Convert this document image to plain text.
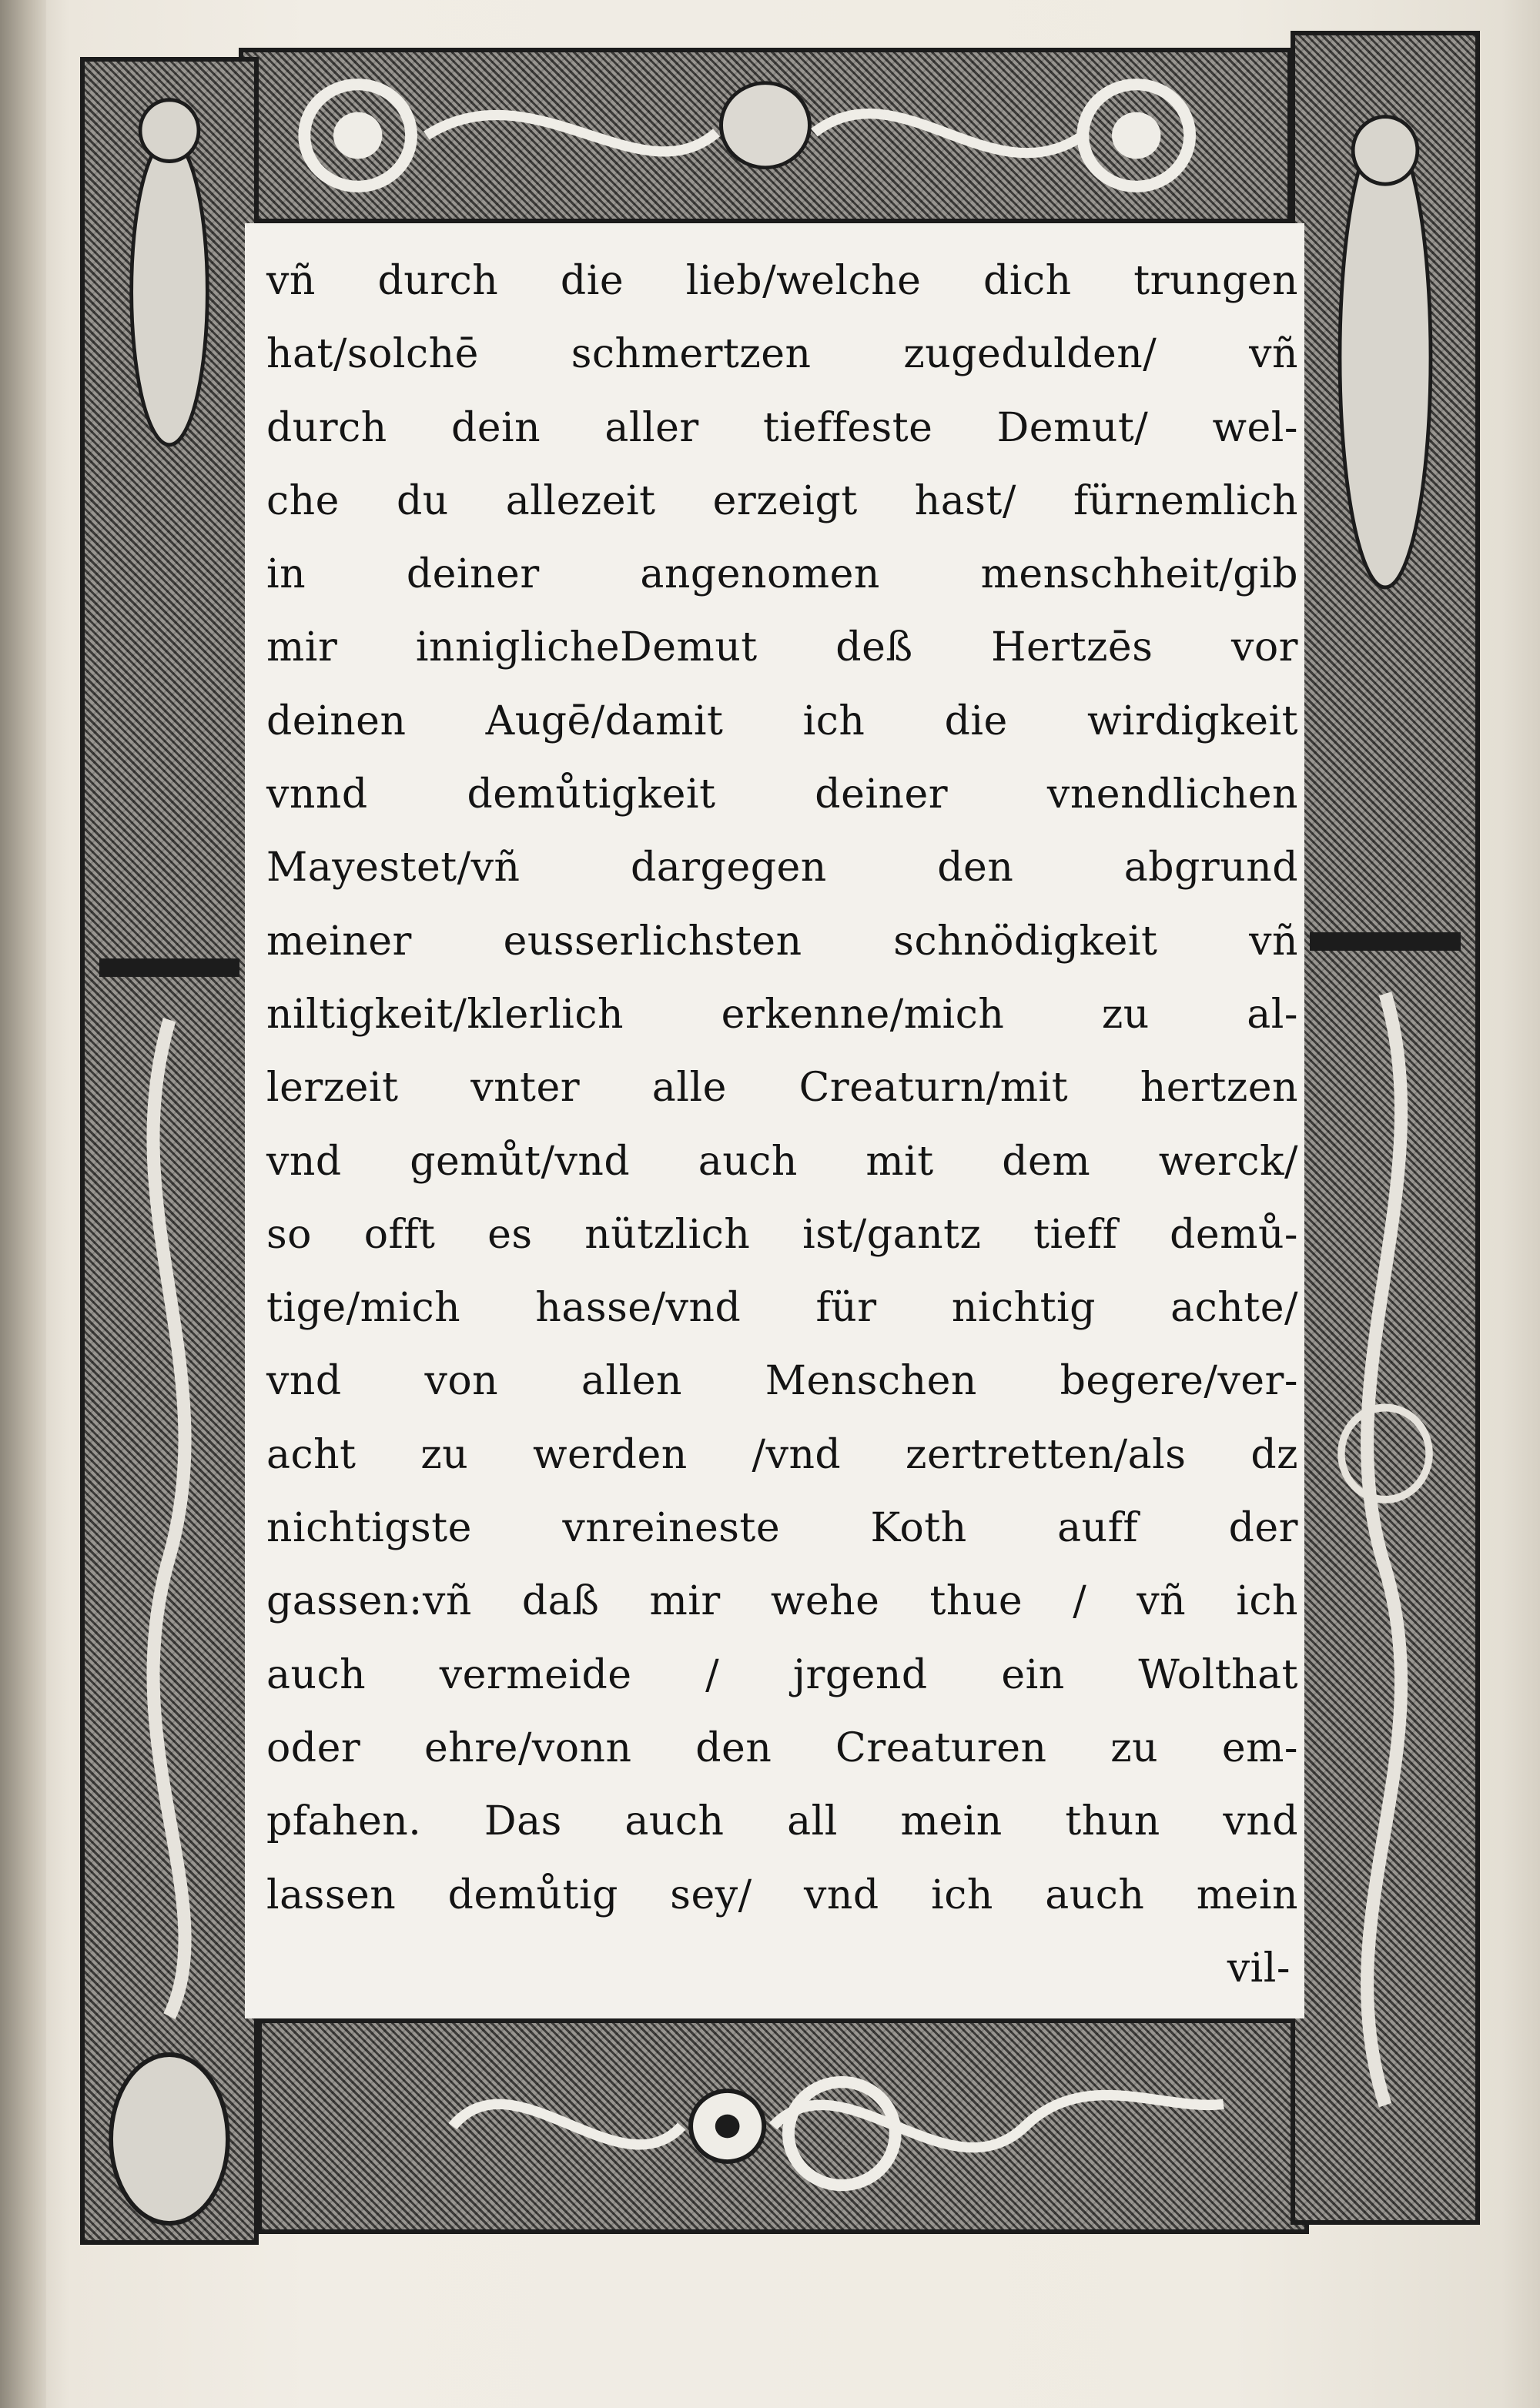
vñ durch die lieb/welche dich trungen
hat/solchē schmertzen zugedulden/ vñ
durch dein aller tieffeste Demut/ wel-
che du allezeit erzeigt hast/ fürnemlich
in deiner angenomen menschheit/gib
mir inniglicheDemut deß Hertzēs vor
deinen Augē/damit ich die wirdigkeit
vnnd demůtigkeit deiner vnendlichen
Mayestet/vñ dargegen den abgrund
meiner eusserlichsten schnödigkeit vñ
niltigkeit/klerlich erkenne/mich zu al-
lerzeit vnter alle Creaturn/mit hertzen
vnd gemůt/vnd auch mit dem werck/
so offt es nützlich ist/gantz tieff demů-
tige/mich hasse/vnd für nichtig achte/
vnd von allen Menschen begere/ver-
acht zu werden /vnd zertretten/als dz
nichtigste vnreineste Koth auff der
gassen:vñ daß mir wehe thue / vñ ich
auch vermeide / jrgend ein Wolthat
oder ehre/vonn den Creaturen zu em-
pfahen. Das auch all mein thun vnd
lassen demůtig sey/ vnd ich auch mein
vil-
